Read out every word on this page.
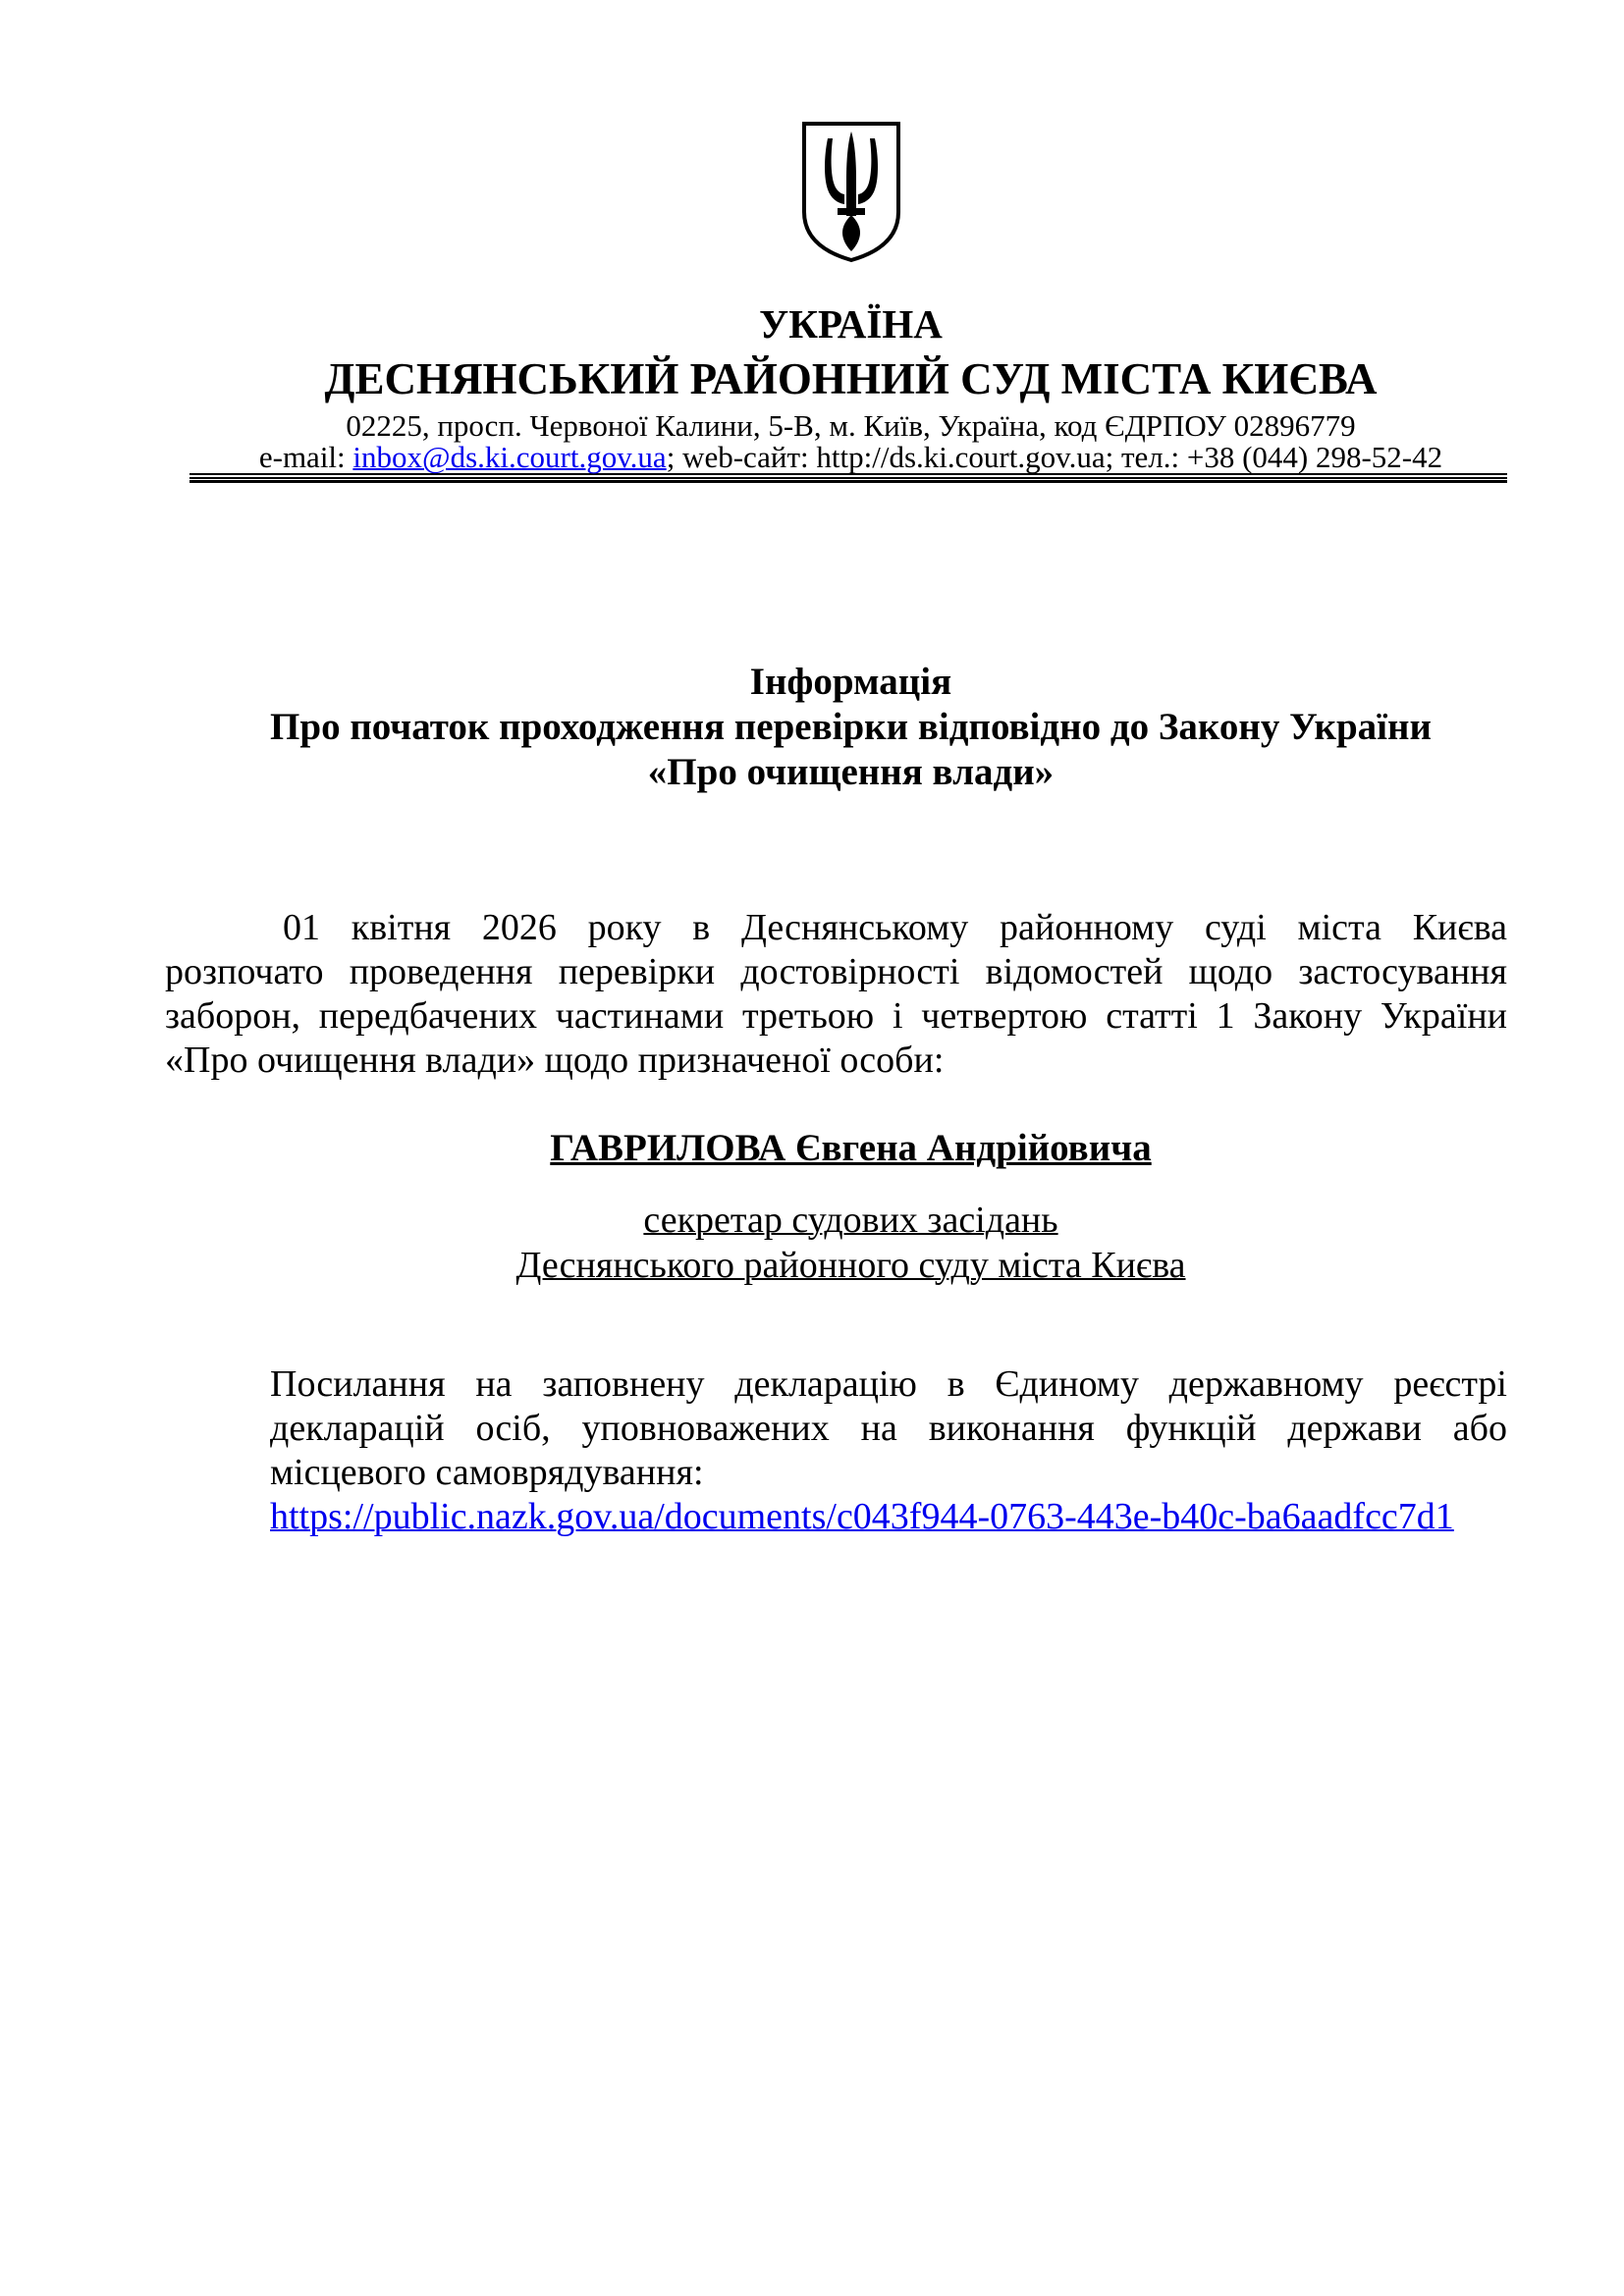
УКРАЇНА
ДЕСНЯНСЬКИЙ РАЙОННИЙ СУД МІСТА КИЄВА
02225, просп. Червоної Калини, 5-В, м. Київ, Україна, код ЄДРПОУ 02896779
e-mail: inbox@ds.ki.court.gov.ua; web-сайт: http://ds.ki.court.gov.ua; тел.: +38 (044) 298-52-42
Інформація
Про початок проходження перевірки відповідно до Закону України
«Про очищення влади»
01 квітня 2026 року в Деснянському районному суді міста Києва
розпочато проведення перевірки достовірності відомостей щодо застосування
заборон, передбачених частинами третьою і четвертою статті 1 Закону України
«Про очищення влади» щодо призначеної особи:
ГАВРИЛОВА Євгена Андрійовича
секретар судових засідань
Деснянського районного суду міста Києва
Посилання на заповнену декларацію в Єдиному державному реєстрі
декларацій осіб, уповноважених на виконання функцій держави або
місцевого самоврядування:
https://public.nazk.gov.ua/documents/c043f944-0763-443e-b40c-ba6aadfcc7d1
